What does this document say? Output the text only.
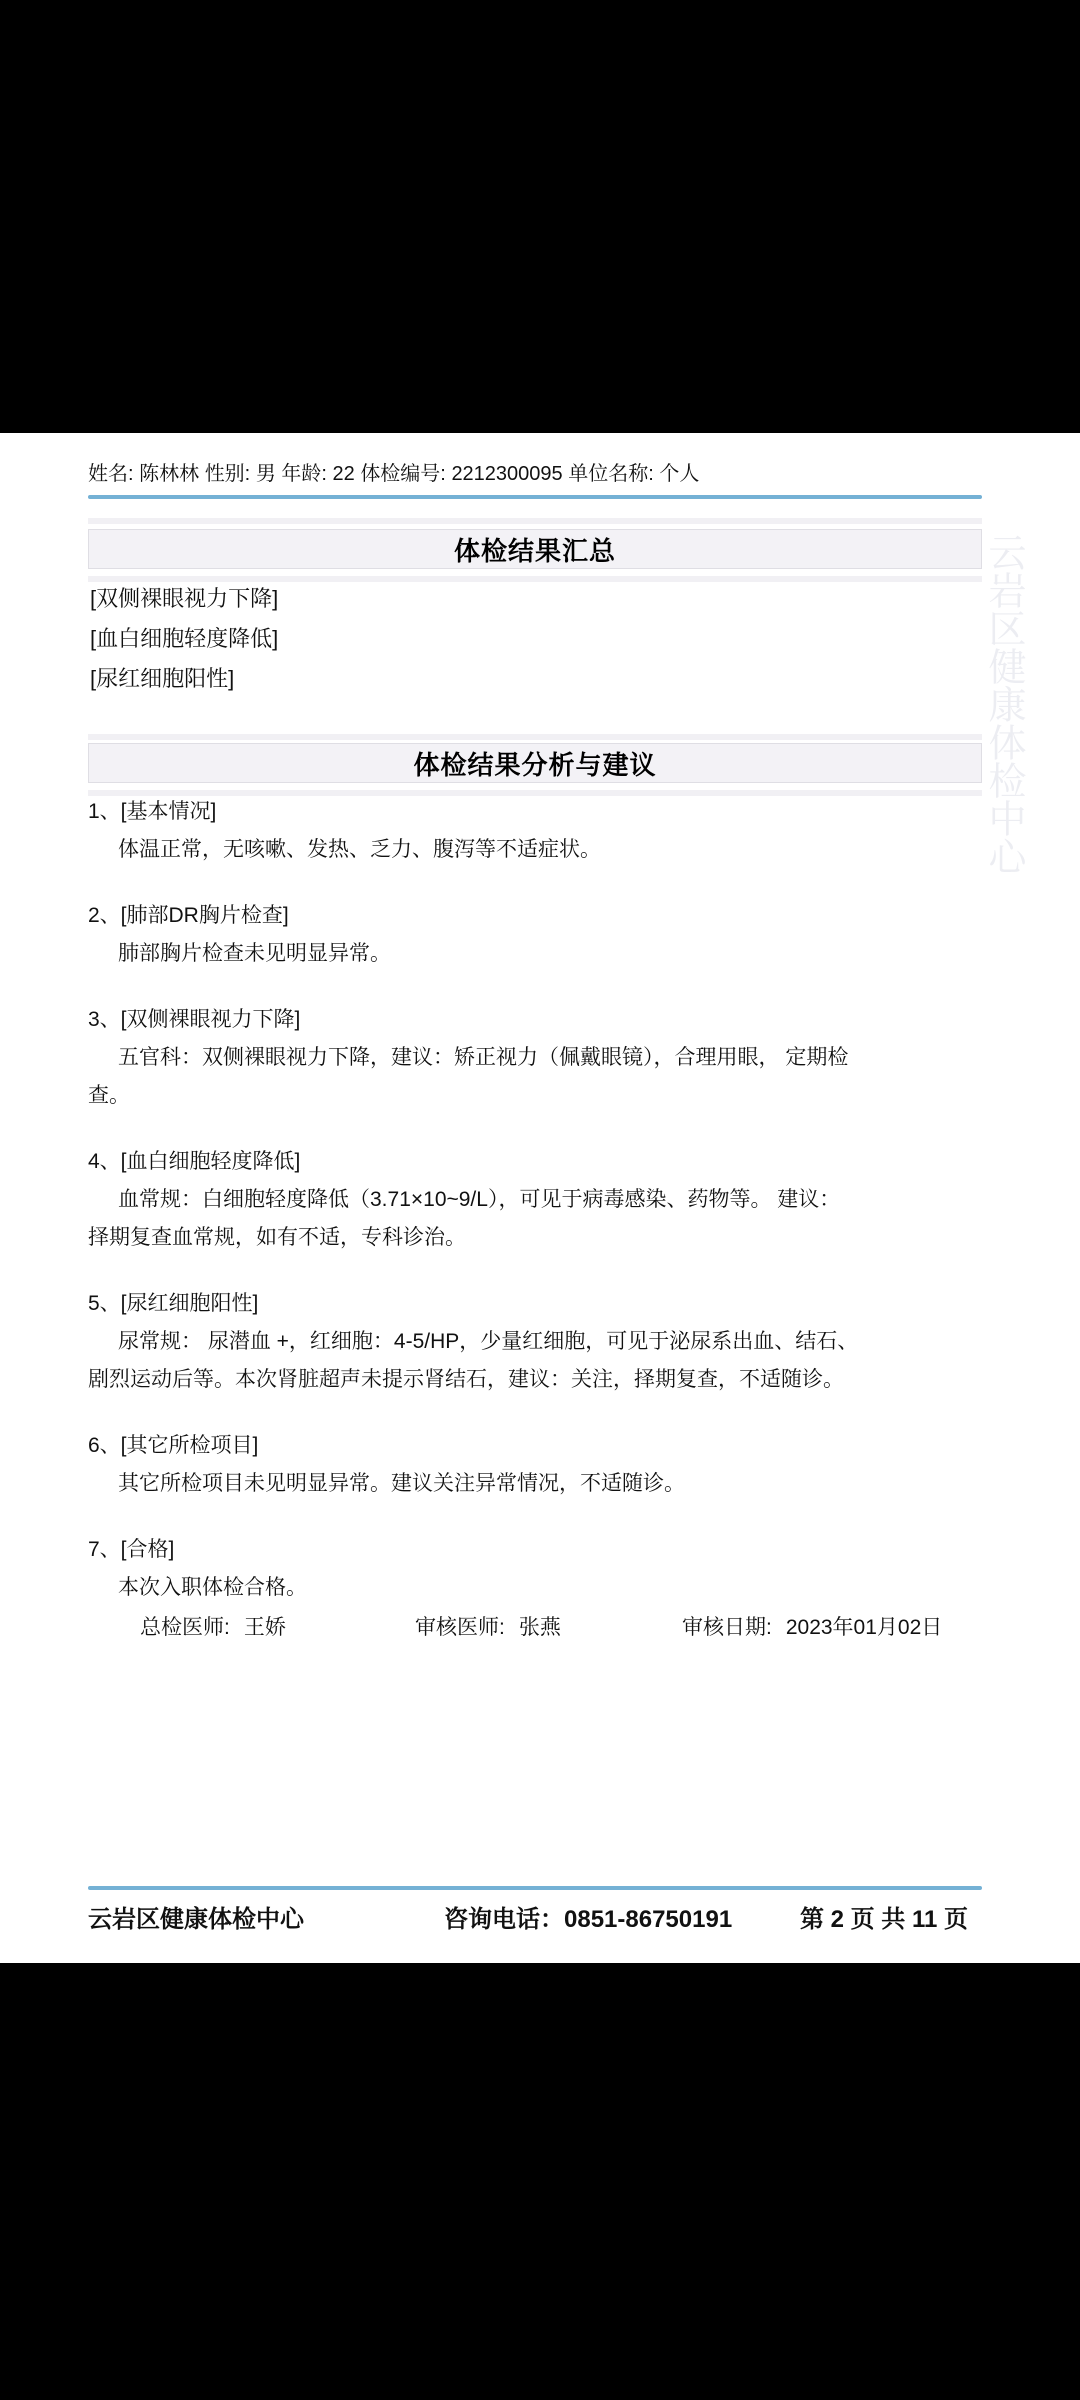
姓名: 陈林林 性别: 男 年龄: 22 体检编号: 2212300095 单位名称: 个人
体检结果汇总
[双侧裸眼视力下降]
[血白细胞轻度降低]
[尿红细胞阳性]
体检结果分析与建议
1、[基本情况]
体温正常，无咳嗽、发热、乏力、腹泻等不适症状。
2、[肺部DR胸片检查]
肺部胸片检查未见明显异常。
3、[双侧裸眼视力下降]
五官科：双侧裸眼视力下降，建议：矫正视力（佩戴眼镜），合理用眼， 定期检
查。
4、[血白细胞轻度降低]
血常规：白细胞轻度降低（3.71×10~9/L），可见于病毒感染、药物等。 建议：
择期复查血常规，如有不适，专科诊治。
5、[尿红细胞阳性]
尿常规： 尿潜血 +，红细胞：4-5/HP，少量红细胞，可见于泌尿系出血、结石、
剧烈运动后等。本次肾脏超声未提示肾结石，建议：关注，择期复查，不适随诊。
6、[其它所检项目]
其它所检项目未见明显异常。建议关注异常情况，不适随诊。
7、[合格]
本次入职体检合格。
总检医师: 王娇	审核医师: 张燕	审核日期: 2023年01月02日
云岩区健康体检中心	咨询电话：0851-86750191	第 2 页 共 11 页
云岩区健康体检中心
